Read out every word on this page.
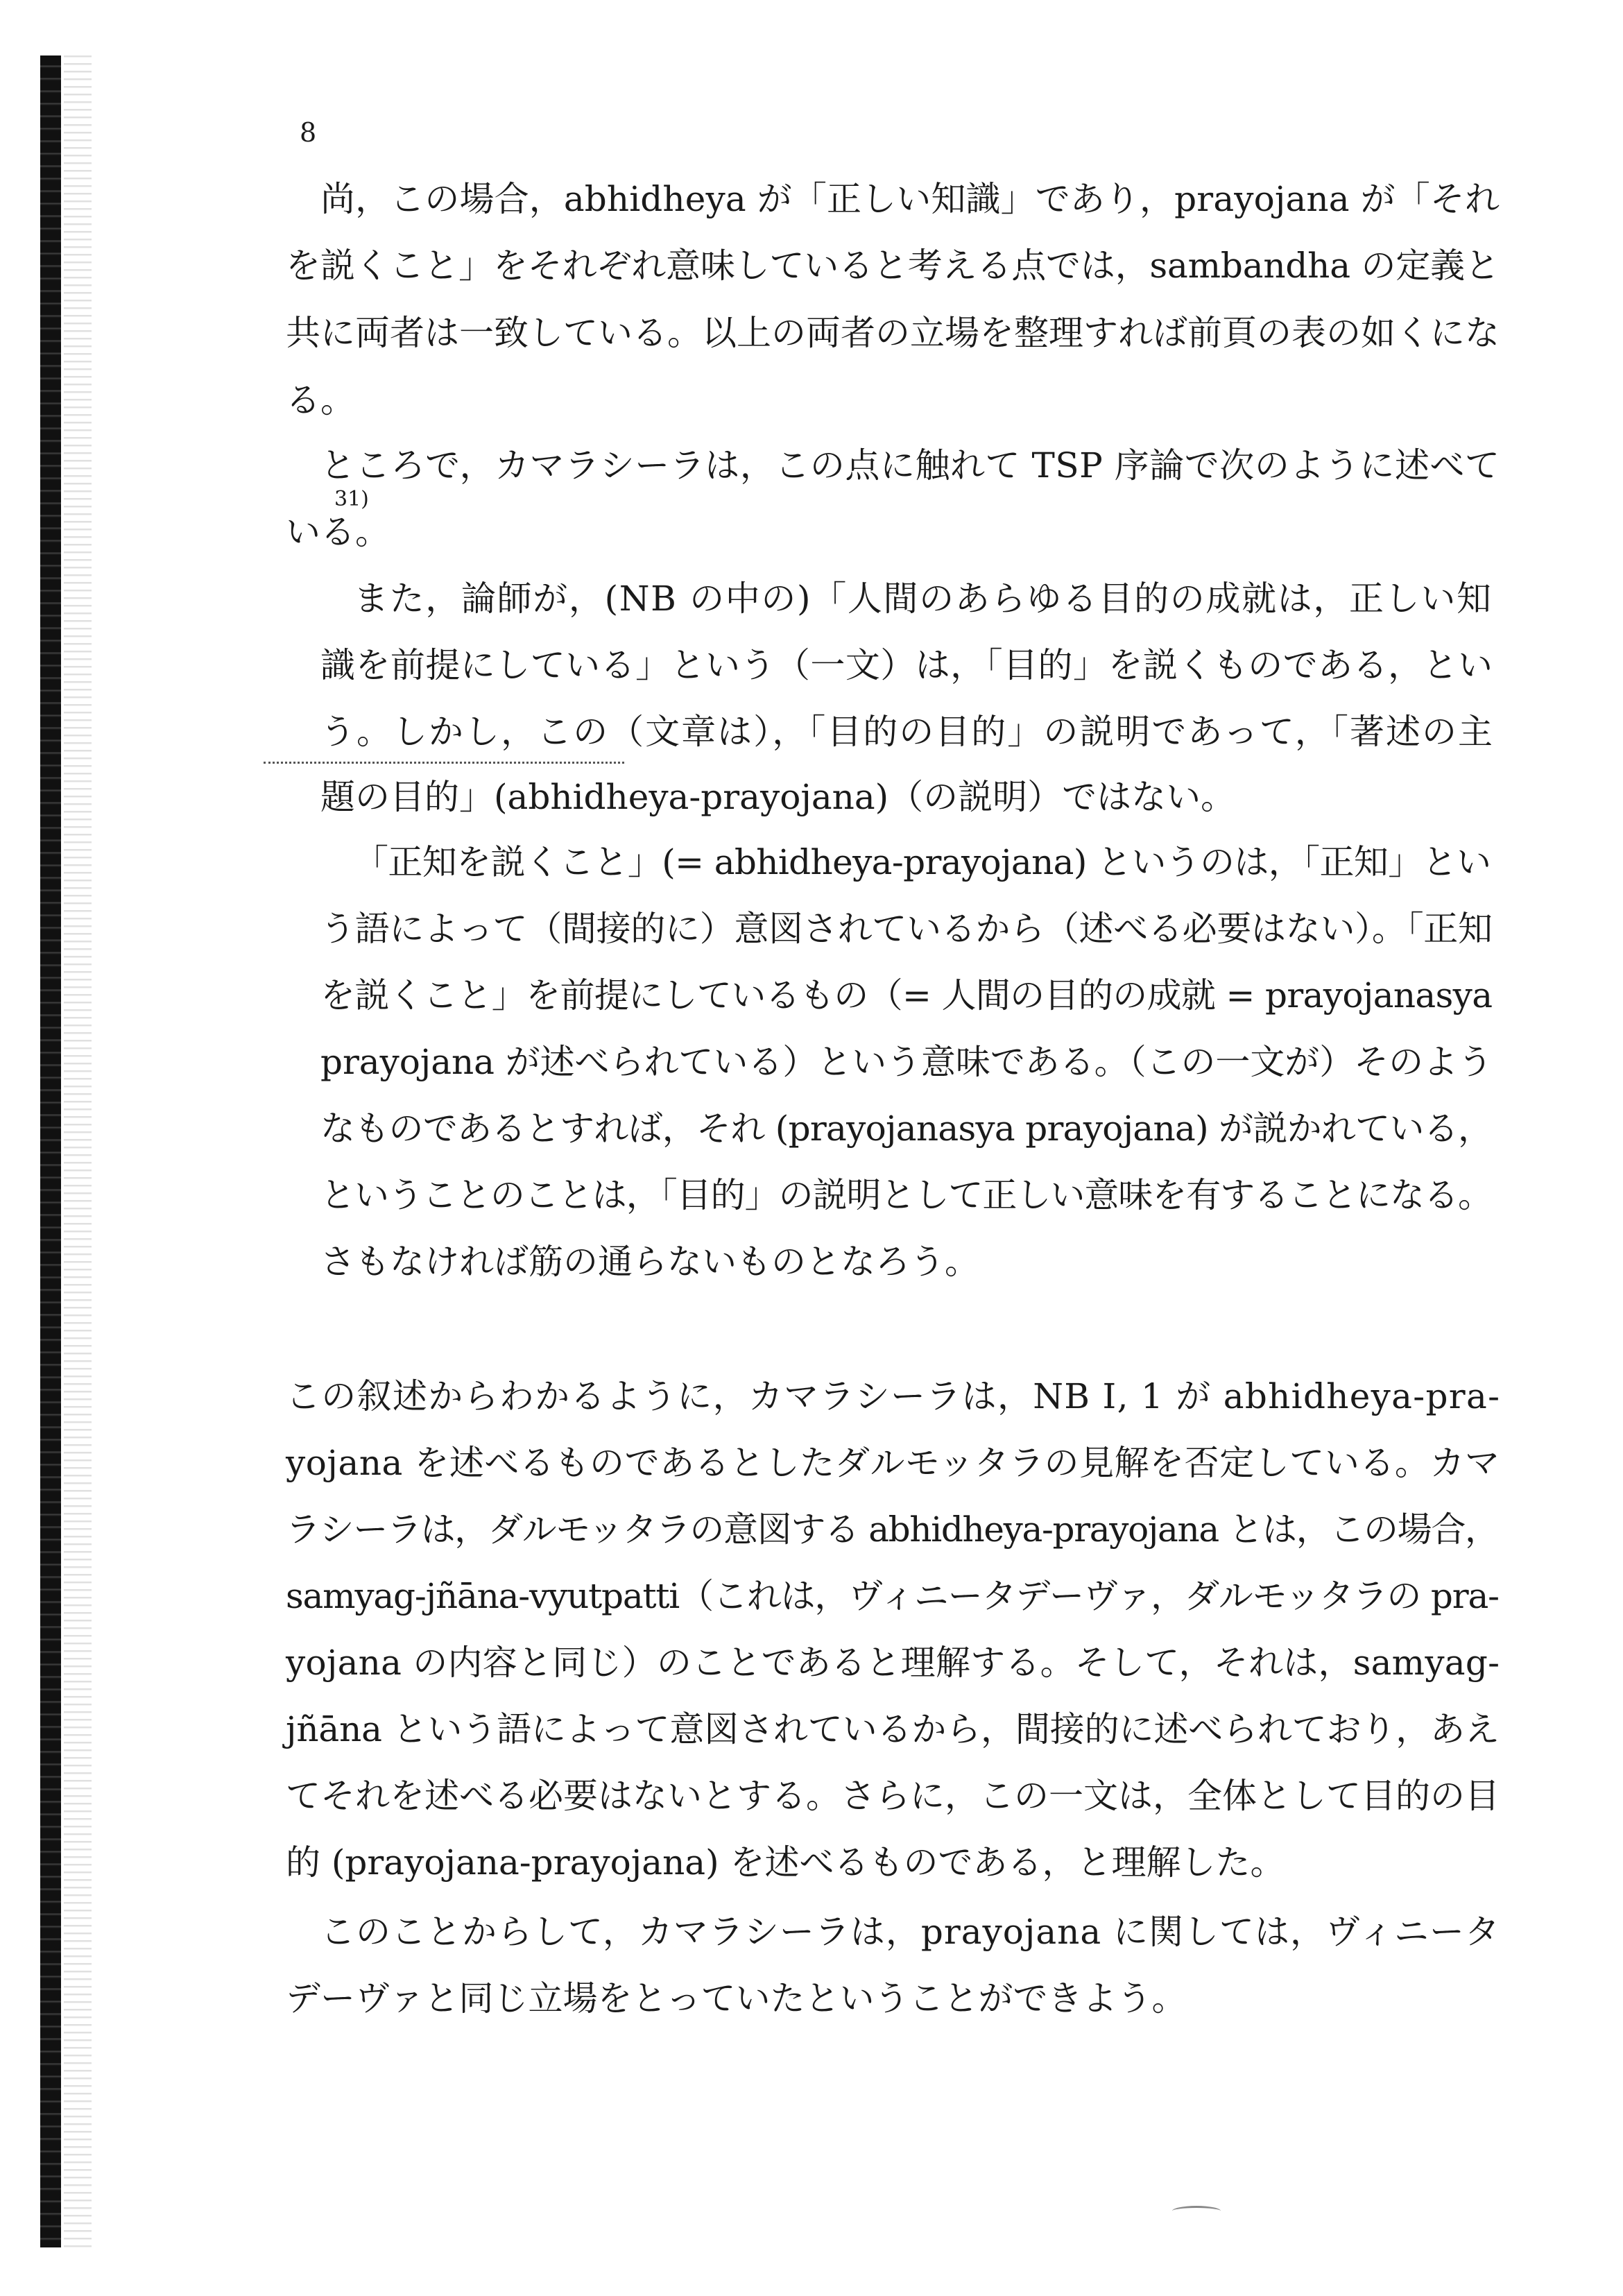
8
尚，この場合，abhidheya が「正しい知識」であり，prayojana が「それ
を説くこと」をそれぞれ意味していると考える点では，sambandha の定義と
共に両者は一致している。以上の両者の立場を整理すれば前頁の表の如くにな
る。
ところで，カマラシーラは，この点に触れて TSP 序論で次のように述べて
31)
いる。
また，論師が，(NB の中の)「人間のあらゆる目的の成就は，正しい知
識を前提にしている」という（一文）は，「目的」を説くものである，とい
う。しかし，この（文章は），「目的の目的」の説明であって，「著述の主
題の目的」(abhidheya-prayojana)（の説明）ではない。
「正知を説くこと」(= abhidheya-prayojana) というのは，「正知」とい
う語によって（間接的に）意図されているから（述べる必要はない）。「正知
を説くこと」を前提にしているもの（= 人間の目的の成就 = prayojanasya
prayojana が述べられている）という意味である。（この一文が）そのよう
なものであるとすれば，それ (prayojanasya prayojana) が説かれている，
ということのことは，「目的」の説明として正しい意味を有することになる。
さもなければ筋の通らないものとなろう。
この叙述からわかるように，カマラシーラは，NB I, 1 が abhidheya-pra-
yojana を述べるものであるとしたダルモッタラの見解を否定している。カマ
ラシーラは，ダルモッタラの意図する abhidheya-prayojana とは，この場合，
samyag-jñāna-vyutpatti（これは，ヴィニータデーヴァ，ダルモッタラの pra-
yojana の内容と同じ）のことであると理解する。そして，それは，samyag-
jñāna という語によって意図されているから，間接的に述べられており，あえ
てそれを述べる必要はないとする。さらに，この一文は，全体として目的の目
的 (prayojana-prayojana) を述べるものである，と理解した。
このことからして，カマラシーラは，prayojana に関しては，ヴィニータ
デーヴァと同じ立場をとっていたということができよう。
